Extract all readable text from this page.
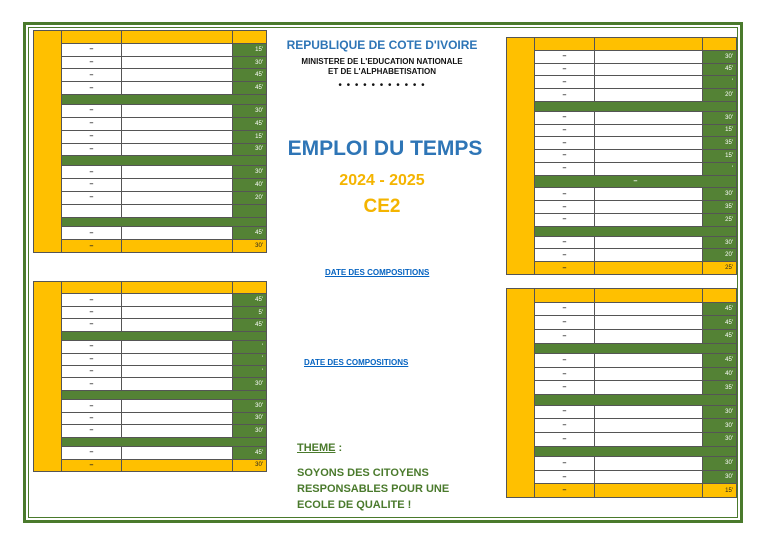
–	15'
–	30'
–	45'
–	45'
–	30'
–	45'
–	15'
–	30'
–	30'
–	40'
–	20'
–	45'
–	30'
–	45'
–	5'
–	45'
–	'
–	'
–	'
–	30'
–	30'
–	30'
–	30'
–	45'
–	30'
–	30'
–	45'
–	'
–	20'
–	30'
–	15'
–	35'
–	15'
–	'
–
–	30'
–	35'
–	25'
–	30'
–	20'
–	25'
–	45'
–	45'
–	45'
–	45'
–	40'
–	35'
–	30'
–	30'
–	30'
–	30'
–	30'
–	15'
REPUBLIQUE DE COTE D'IVOIRE
MINISTERE DE L'EDUCATION NATIONALE
ET DE L'ALPHABETISATION
• • • • • • • • • • •
EMPLOI DU TEMPS
2024 - 2025
CE2
DATE DES COMPOSITIONS
DATE DES COMPOSITIONS
THEME :
SOYONS DES CITOYENS
RESPONSABLES POUR UNE
ECOLE DE QUALITE !
